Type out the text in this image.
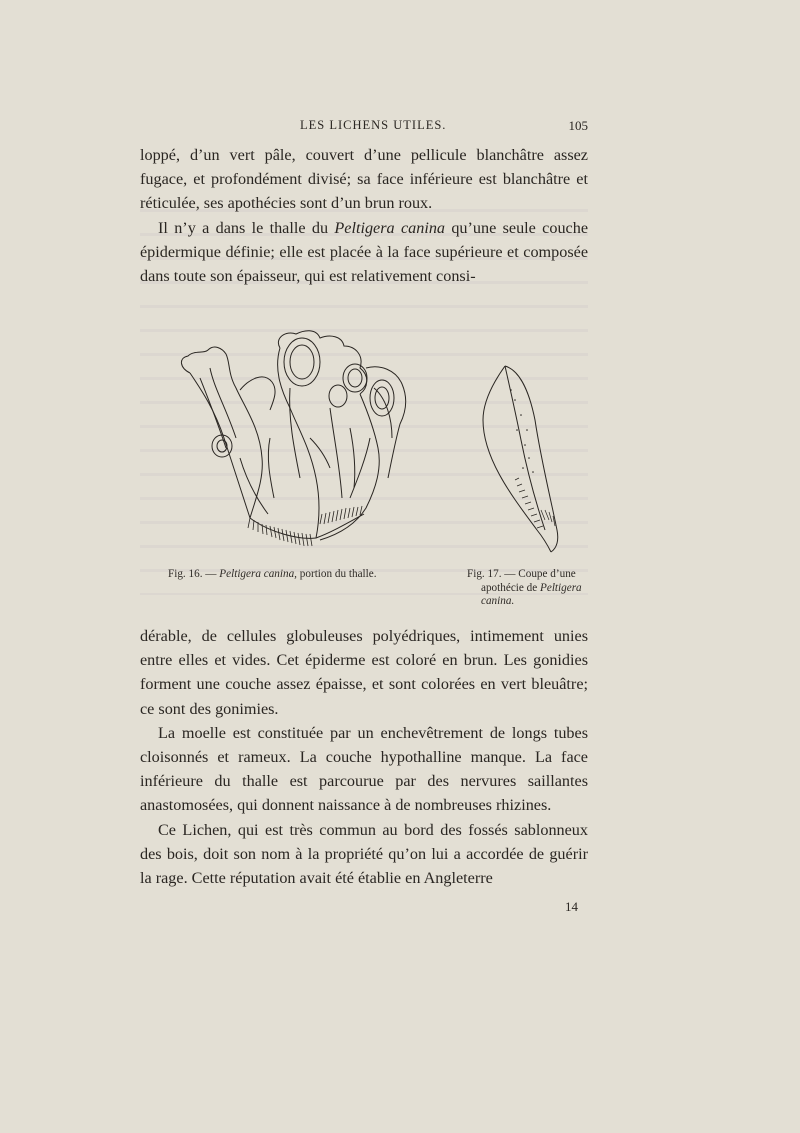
LES LICHENS UTILES.	105

loppé, d’un vert pâle, couvert d’une pellicule blanchâtre assez fugace, et profondément divisé; sa face inférieure est blanchâtre et réticulée, ses apothécies sont d’un brun roux.

Il n’y a dans le thalle du Peltigera canina qu’une seule couche épidermique définie; elle est placée à la face supérieure et composée dans toute son épaisseur, qui est relativement consi-

Fig. 16. — Peltigera canina, portion du thalle.	Fig. 17. — Coupe d’une
apothécie de Peltigera
canina.

dérable, de cellules globuleuses polyédriques, intimement unies entre elles et vides. Cet épiderme est coloré en brun. Les gonidies forment une couche assez épaisse, et sont colorées en vert bleuâtre; ce sont des gonimies.

La moelle est constituée par un enchevêtrement de longs tubes cloisonnés et rameux. La couche hypothalline manque. La face inférieure du thalle est parcourue par des nervures saillantes anastomosées, qui donnent naissance à de nombreuses rhizines.

Ce Lichen, qui est très commun au bord des fossés sablonneux des bois, doit son nom à la propriété qu’on lui a accordée de guérir la rage. Cette réputation avait été établie en Angleterre

14
